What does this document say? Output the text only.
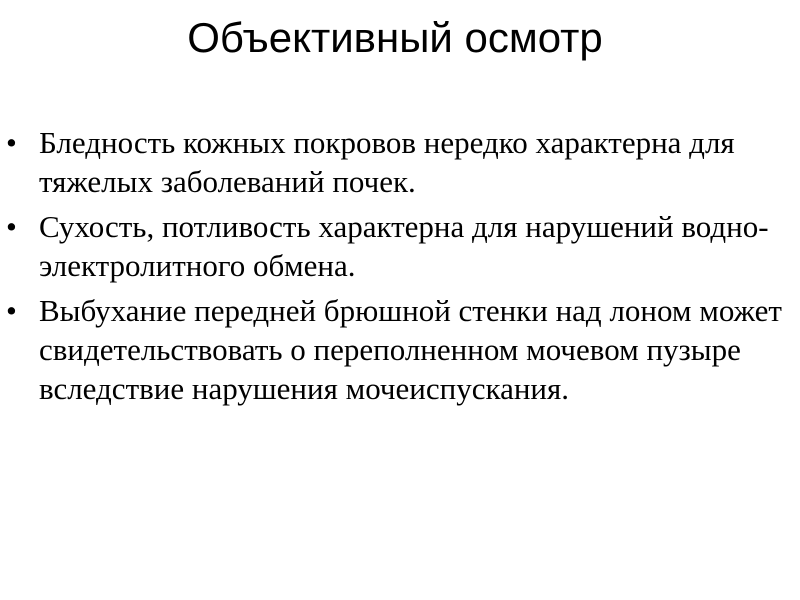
Объективный осмотр
• Бледность кожных покровов нередко характерна для тяжелых заболеваний почек.
• Сухость, потливость характерна для нарушений водно-электролитного обмена.
• Выбухание передней брюшной стенки над лоном может свидетельствовать о переполненном мочевом пузыре вследствие нарушения мочеиспускания.
